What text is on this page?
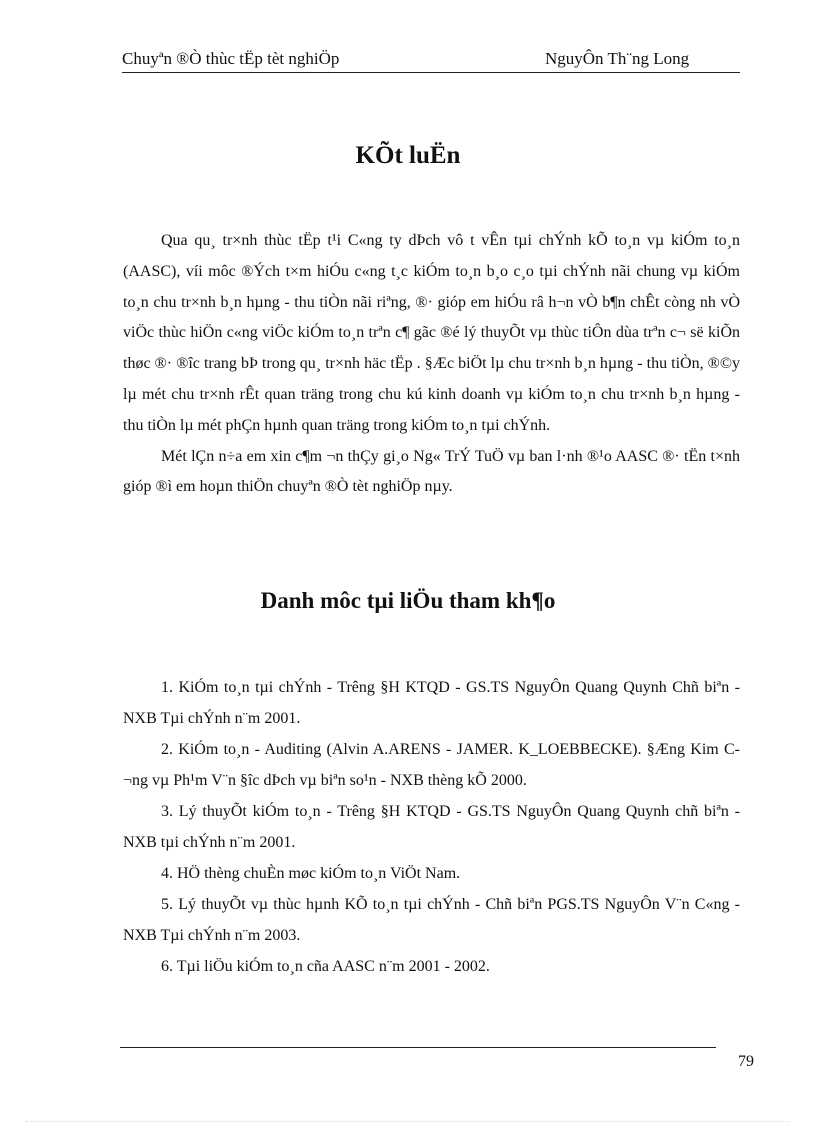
Chuyªn ®Ò thùc tËp tèt nghiÖp	NguyÔn Th¨ng Long
KÕt luËn

Qua qu¸ tr×nh thùc tËp t¹i C«ng ty dÞch vô t vÊn tµi chÝnh kÕ to¸n vµ kiÓm to¸n (AASC), víi môc ®Ých t×m hiÓu c«ng t¸c kiÓm to¸n b¸o c¸o tµi chÝnh nãi chung vµ kiÓm to¸n chu tr×nh b¸n hµng - thu tiÒn nãi riªng, ®· gióp em hiÓu râ h¬n vÒ b¶n chÊt còng nh vÒ viÖc thùc hiÖn c«ng viÖc kiÓm to¸n trªn c¶ gãc ®é lý thuyÕt vµ thùc tiÔn dùa trªn c¬ së kiÕn thøc ®· ®îc trang bÞ trong qu¸ tr×nh häc tËp . §Æc biÖt lµ chu tr×nh b¸n hµng - thu tiÒn, ®©y lµ mét chu tr×nh rÊt quan träng trong chu kú kinh doanh vµ kiÓm to¸n chu tr×nh b¸n hµng - thu tiÒn lµ mét phÇn hµnh quan träng trong kiÓm to¸n tµi chÝnh.

Mét lÇn n÷a em xin c¶m ¬n thÇy gi¸o Ng« TrÝ TuÖ vµ ban l·nh ®¹o AASC ®· tËn t×nh gióp ®ì em hoµn thiÖn chuyªn ®Ò tèt nghiÖp nµy.

Danh môc tµi liÖu tham kh¶o

1. KiÓm to¸n tµi chÝnh - Trêng §H KTQD - GS.TS NguyÔn Quang Quynh Chñ biªn - NXB Tµi chÝnh n¨m 2001.

2. KiÓm to¸n - Auditing (Alvin A.ARENS - JAMER. K_LOEBBECKE). §Æng Kim C¬ng vµ Ph¹m V¨n §îc dÞch vµ biªn so¹n - NXB thèng kÕ 2000.

3. Lý thuyÕt kiÓm to¸n - Trêng §H KTQD - GS.TS NguyÔn Quang Quynh chñ biªn - NXB tµi chÝnh n¨m 2001.

4. HÖ thèng chuÈn møc kiÓm to¸n ViÖt Nam.

5. Lý thuyÕt vµ thùc hµnh KÕ to¸n tµi chÝnh - Chñ biªn PGS.TS NguyÔn V¨n C«ng - NXB Tµi chÝnh n¨m 2003.

6. Tµi liÖu kiÓm to¸n cña AASC n¨m 2001 - 2002.

79
